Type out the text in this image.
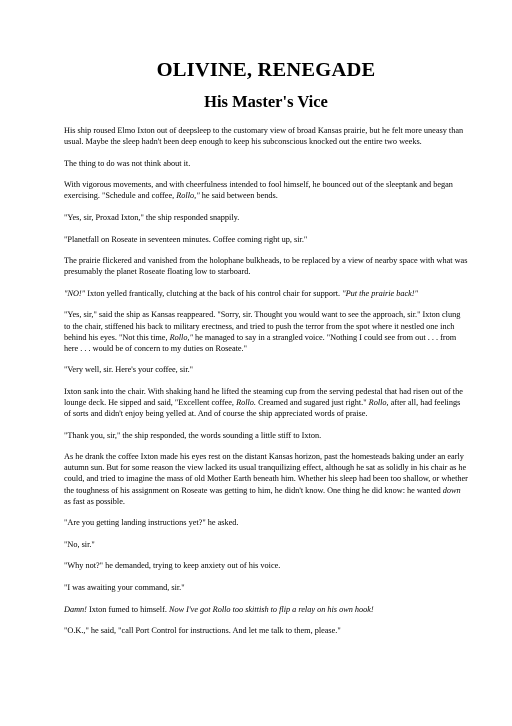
OLIVINE, RENEGADE
His Master's Vice

His ship roused Elmo Ixton out of deepsleep to the customary view of broad Kansas prairie, but he felt more uneasy than usual. Maybe the sleep hadn't been deep enough to keep his subconscious knocked out the entire two weeks.

The thing to do was not think about it.

With vigorous movements, and with cheerfulness intended to fool himself, he bounced out of the sleeptank and began exercising. "Schedule and coffee, Rollo," he said between bends.

"Yes, sir, Proxad Ixton," the ship responded snappily.

"Planetfall on Roseate in seventeen minutes. Coffee coming right up, sir."

The prairie flickered and vanished from the holophane bulkheads, to be replaced by a view of nearby space with what was presumably the planet Roseate floating low to starboard.

"NO!" Ixton yelled frantically, clutching at the back of his control chair for support. "Put the prairie back!"

"Yes, sir," said the ship as Kansas reappeared. "Sorry, sir. Thought you would want to see the approach, sir." Ixton clung to the chair, stiffened his back to military erectness, and tried to push the terror from the spot where it nestled one inch behind his eyes. "Not this time, Rollo," he managed to say in a strangled voice. "Nothing I could see from out . . . from here . . . would be of concern to my duties on Roseate."

"Very well, sir. Here's your coffee, sir."

Ixton sank into the chair. With shaking hand he lifted the steaming cup from the serving pedestal that had risen out of the lounge deck. He sipped and said, "Excellent coffee, Rollo. Creamed and sugared just right." Rollo, after all, had feelings of sorts and didn't enjoy being yelled at. And of course the ship appreciated words of praise.

"Thank you, sir," the ship responded, the words sounding a little stiff to Ixton.

As he drank the coffee Ixton made his eyes rest on the distant Kansas horizon, past the homesteads baking under an early autumn sun. But for some reason the view lacked its usual tranquilizing effect, although he sat as solidly in his chair as he could, and tried to imagine the mass of old Mother Earth beneath him. Whether his sleep had been too shallow, or whether the toughness of his assignment on Roseate was getting to him, he didn't know. One thing he did know: he wanted down as fast as possible.

"Are you getting landing instructions yet?" he asked.

"No, sir."

"Why not?" he demanded, trying to keep anxiety out of his voice.

"I was awaiting your command, sir."

Damn! Ixton fumed to himself. Now I've got Rollo too skittish to flip a relay on his own hook!

"O.K.," he said, "call Port Control for instructions. And let me talk to them, please."
